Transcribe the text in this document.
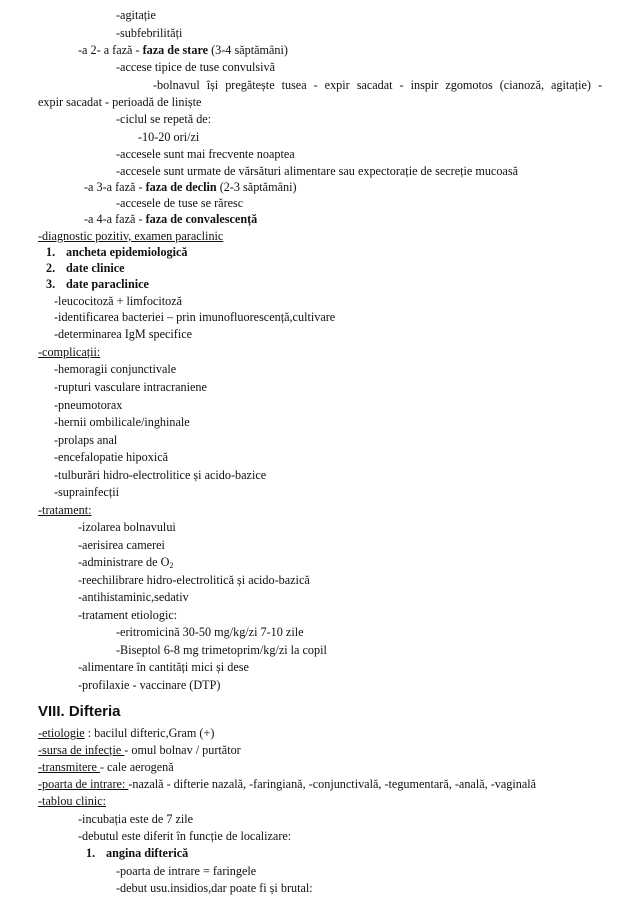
-agitație
-subfebrilități
-a 2- a fază - faza de stare (3-4 săptămâni)
-accese tipice de tuse convulsivă
-bolnavul își pregătește tusea - expir sacadat - inspir zgomotos (cianoză, agitație) -
expir sacadat - perioadă de liniște
-ciclul se repetă de:
-10-20 ori/zi
-accesele sunt mai frecvente noaptea
-accesele sunt urmate de vărsături alimentare sau expectorație de secreție mucoasă
-a 3-a fază - faza de declin (2-3 săptămâni)
-accesele de tuse se răresc
-a 4-a fază - faza de convalescență
-diagnostic pozitiv, examen paraclinic
1. ancheta epidemiologică
2. date clinice
3. date paraclinice
-leucocitoză + limfocitoză
-identificarea bacteriei – prin imunofluorescență,cultivare
-determinarea IgM specifice
-complicații:
-hemoragii conjunctivale
-rupturi vasculare intracraniene
-pneumotorax
-hernii ombilicale/inghinale
-prolaps anal
-encefalopatie hipoxică
-tulburări hidro-electrolitice și acido-bazice
-suprainfecții
-tratament:
-izolarea bolnavului
-aerisirea camerei
-administrare de $O_2$
-reechilibrare hidro-electrolitică și acido-bazică
-antihistaminic,sedativ
-tratament etiologic:
-eritromicină 30-50 mg/kg/zi 7-10 zile
-Biseptol 6-8 mg trimetoprim/kg/zi la copil
-alimentare în cantități mici și dese
-profilaxie - vaccinare (DTP)
VIII. Difteria
-etiologie : bacilul difteric,Gram (+)
-sursa de infecție - omul bolnav / purtător
-transmitere - cale aerogenă
-poarta de intrare: -nazală - difterie nazală, -faringiană, -conjunctivală, -tegumentară, -anală, -vaginală
-tablou clinic:
-incubația este de 7 zile
-debutul este diferit în funcție de localizare:
1. angina difterică
-poarta de intrare = faringele
-debut usu.insidios,dar poate fi și brutal:
